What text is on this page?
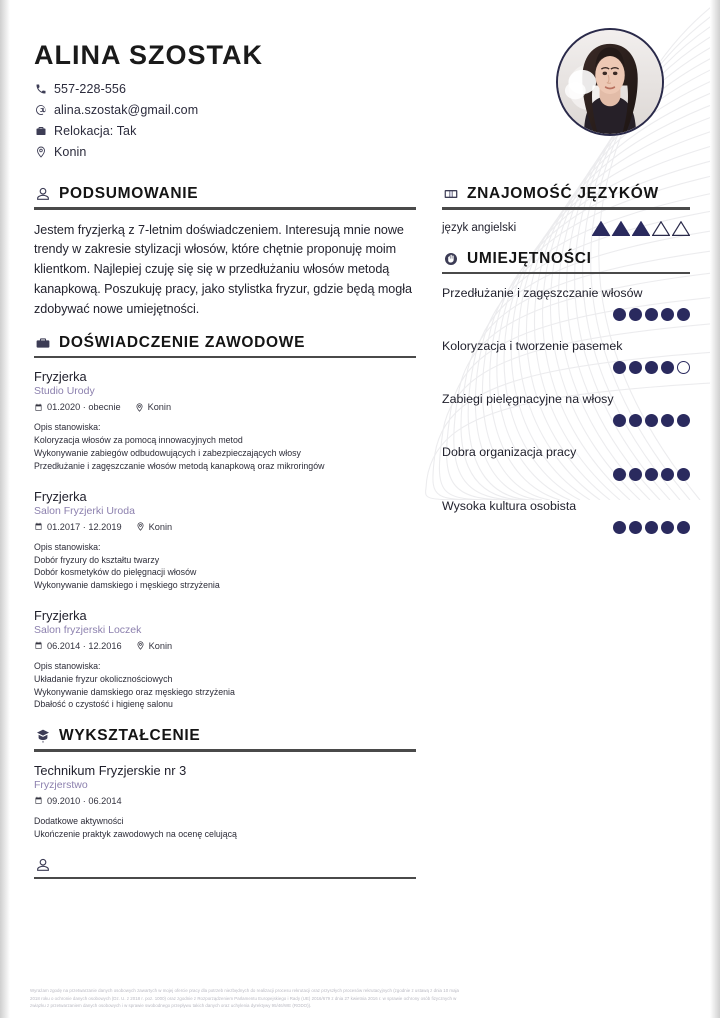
ALINA SZOSTAK
557-228-556
alina.szostak@gmail.com
Relokacja: Tak
Konin
PODSUMOWANIE
Jestem fryzjerką z 7-letnim doświadczeniem. Interesują mnie nowe trendy w zakresie stylizacji włosów, które chętnie proponuję moim klientkom. Najlepiej czuję się się w przedłużaniu włosów metodą kanapkową. Poszukuję pracy, jako stylistka fryzur, gdzie będą mogła zdobywać nowe umiejętności.
DOŚWIADCZENIE ZAWODOWE
Fryzjerka
Studio Urody
01.2020 · obecnie	Konin
Opis stanowiska:
Koloryzacja włosów za pomocą innowacyjnych metod
Wykonywanie zabiegów odbudowujących i zabezpieczających włosy
Przedłużanie i zagęszczanie włosów metodą kanapkową oraz mikroringów
Fryzjerka
Salon Fryzjerki Uroda
01.2017 · 12.2019	Konin
Opis stanowiska:
Dobór fryzury do kształtu twarzy
Dobór kosmetyków do pielęgnacji włosów
Wykonywanie damskiego i męskiego strzyżenia
Fryzjerka
Salon fryzjerski Loczek
06.2014 · 12.2016	Konin
Opis stanowiska:
Układanie fryzur okolicznościowych
Wykonywanie damskiego oraz męskiego strzyżenia
Dbałość o czystość i higienę salonu
WYKSZTAŁCENIE
Technikum Fryzjerskie nr 3
Fryzjerstwo
09.2010 · 06.2014
Dodatkowe aktywności
Ukończenie praktyk zawodowych na ocenę celującą
ZNAJOMOŚĆ JĘZYKÓW
język angielski
UMIEJĘTNOŚCI
Przedłużanie i zagęszczanie włosów
Koloryzacja i tworzenie pasemek
Zabiegi pielęgnacyjne na włosy
Dobra organizacja pracy
Wysoka kultura osobista
Wyrażam zgodę na przetwarzanie danych osobowych zawartych w mojej ofercie pracy dla potrzeb niezbędnych do realizacji procesu rekrutacji oraz przyszłych procesów rekrutacyjnych (zgodnie z ustawą z dnia 10 maja
2018 roku o ochronie danych osobowych (Dz. U. z 2018 r. poz. 1000) oraz zgodnie z Rozporządzeniem Parlamentu Europejskiego i Rady (UE) 2016/679 z dnia 27 kwietnia 2016 r. w sprawie ochrony osób fizycznych w
związku z przetwarzaniem danych osobowych i w sprawie swobodnego przepływu takich danych oraz uchylenia dyrektywy 95/46/WE (RODO)).
